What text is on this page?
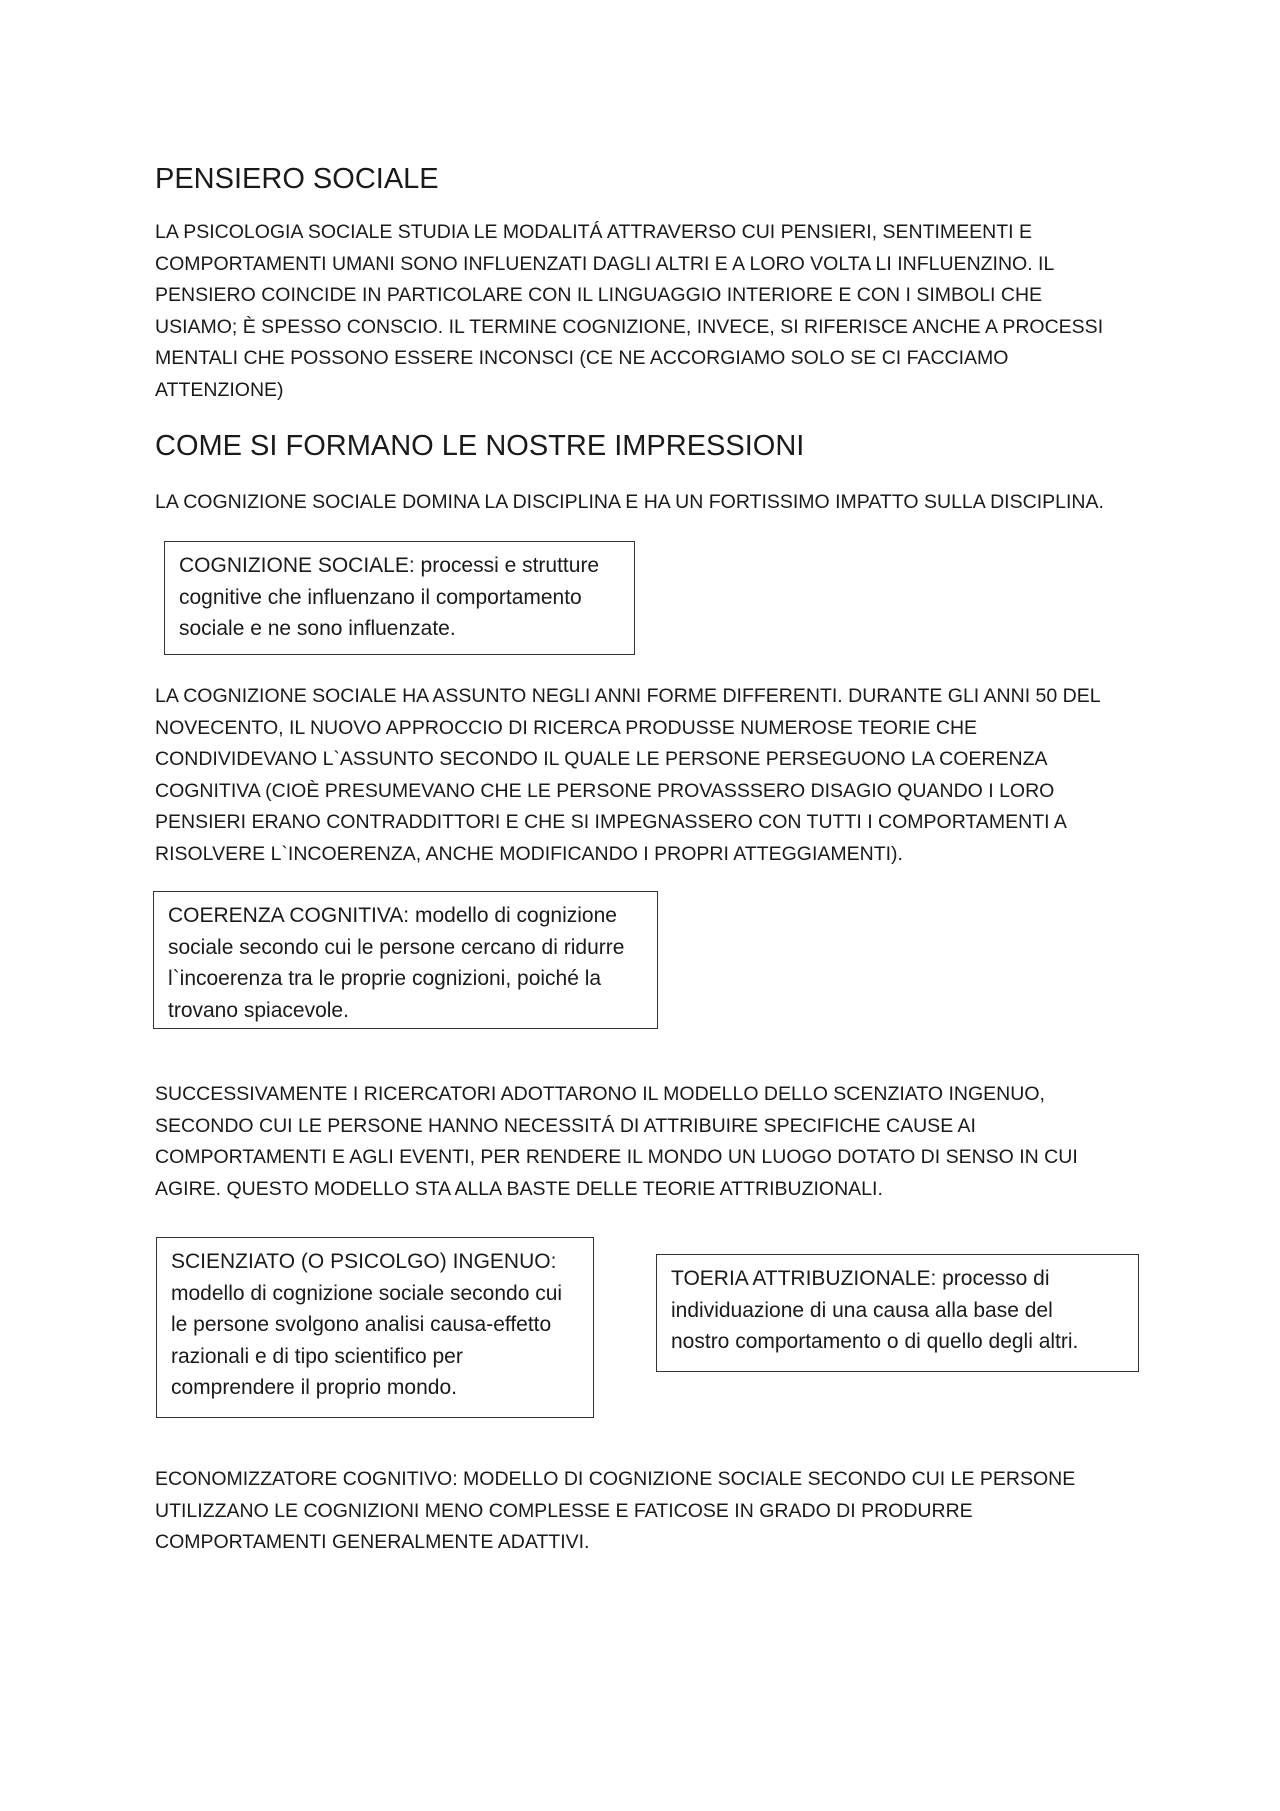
PENSIERO SOCIALE
LA PSICOLOGIA SOCIALE STUDIA LE MODALITÁ ATTRAVERSO CUI PENSIERI, SENTIMEENTI E
COMPORTAMENTI UMANI SONO INFLUENZATI DAGLI ALTRI E A LORO VOLTA LI INFLUENZINO. IL
PENSIERO COINCIDE IN PARTICOLARE CON IL LINGUAGGIO INTERIORE E CON I SIMBOLI CHE
USIAMO; È SPESSO CONSCIO. IL TERMINE COGNIZIONE, INVECE, SI RIFERISCE ANCHE A PROCESSI
MENTALI CHE POSSONO ESSERE INCONSCI (CE NE ACCORGIAMO SOLO SE CI FACCIAMO
ATTENZIONE)
COME SI FORMANO LE NOSTRE IMPRESSIONI
LA COGNIZIONE SOCIALE DOMINA LA DISCIPLINA E HA UN FORTISSIMO IMPATTO SULLA DISCIPLINA.
COGNIZIONE SOCIALE: processi e strutture
cognitive che influenzano il comportamento
sociale e ne sono influenzate.
LA COGNIZIONE SOCIALE HA ASSUNTO NEGLI ANNI FORME DIFFERENTI. DURANTE GLI ANNI 50 DEL
NOVECENTO, IL NUOVO APPROCCIO DI RICERCA PRODUSSE NUMEROSE TEORIE CHE
CONDIVIDEVANO L`ASSUNTO SECONDO IL QUALE LE PERSONE PERSEGUONO LA COERENZA
COGNITIVA (CIOÈ PRESUMEVANO CHE LE PERSONE PROVASSSERO DISAGIO QUANDO I LORO
PENSIERI ERANO CONTRADDITTORI E CHE SI IMPEGNASSERO CON TUTTI I COMPORTAMENTI A
RISOLVERE L`INCOERENZA, ANCHE MODIFICANDO I PROPRI ATTEGGIAMENTI).
COERENZA COGNITIVA: modello di cognizione
sociale secondo cui le persone cercano di ridurre
l`incoerenza tra le proprie cognizioni, poiché la
trovano spiacevole.
SUCCESSIVAMENTE I RICERCATORI ADOTTARONO IL MODELLO DELLO SCENZIATO INGENUO,
SECONDO CUI LE PERSONE HANNO NECESSITÁ DI ATTRIBUIRE SPECIFICHE CAUSE AI
COMPORTAMENTI E AGLI EVENTI, PER RENDERE IL MONDO UN LUOGO DOTATO DI SENSO IN CUI
AGIRE. QUESTO MODELLO STA ALLA BASTE DELLE TEORIE ATTRIBUZIONALI.
SCIENZIATO (O PSICOLGO) INGENUO:
modello di cognizione sociale secondo cui
le persone svolgono analisi causa-effetto
razionali e di tipo scientifico per
comprendere il proprio mondo.
TOERIA ATTRIBUZIONALE: processo di
individuazione di una causa alla base del
nostro comportamento o di quello degli altri.
ECONOMIZZATORE COGNITIVO: MODELLO DI COGNIZIONE SOCIALE SECONDO CUI LE PERSONE
UTILIZZANO LE COGNIZIONI MENO COMPLESSE E FATICOSE IN GRADO DI PRODURRE
COMPORTAMENTI GENERALMENTE ADATTIVI.
